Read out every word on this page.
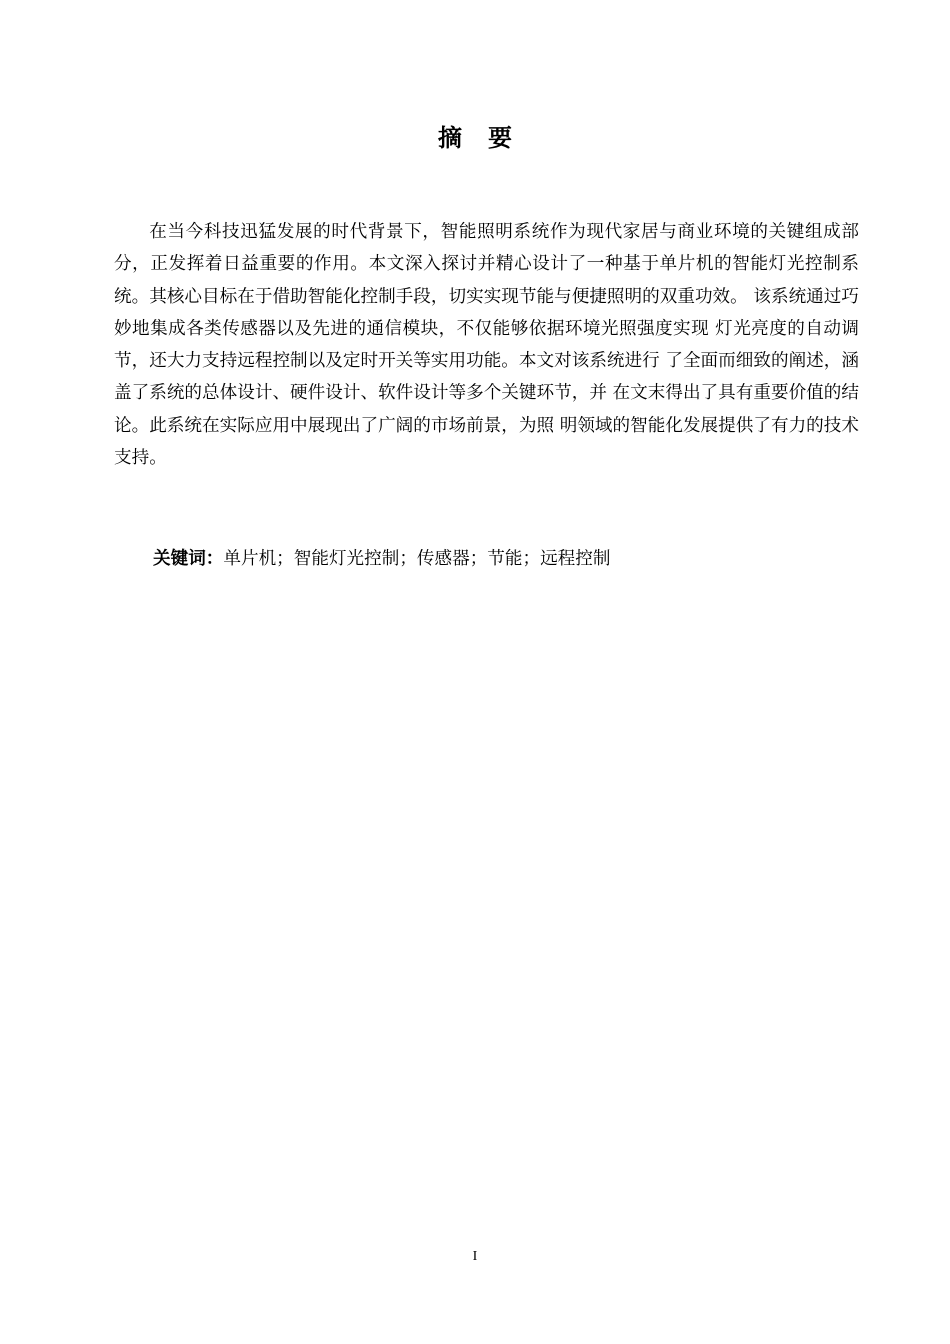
摘要

在当今科技迅猛发展的时代背景下，智能照明系统作为现代家居与商业环境的关键组成部分，正发挥着日益重要的作用。本文深入探讨并精心设计了一种基于单片机的智能灯光控制系统。其核心目标在于借助智能化控制手段，切实实现节能与便捷照明的双重功效。 该系统通过巧妙地集成各类传感器以及先进的通信模块，不仅能够依据环境光照强度实现 灯光亮度的自动调节，还大力支持远程控制以及定时开关等实用功能。本文对该系统进行 了全面而细致的阐述，涵盖了系统的总体设计、硬件设计、软件设计等多个关键环节，并 在文末得出了具有重要价值的结论。此系统在实际应用中展现出了广阔的市场前景，为照 明领域的智能化发展提供了有力的技术支持。

关键词：单片机；智能灯光控制；传感器；节能；远程控制

I
